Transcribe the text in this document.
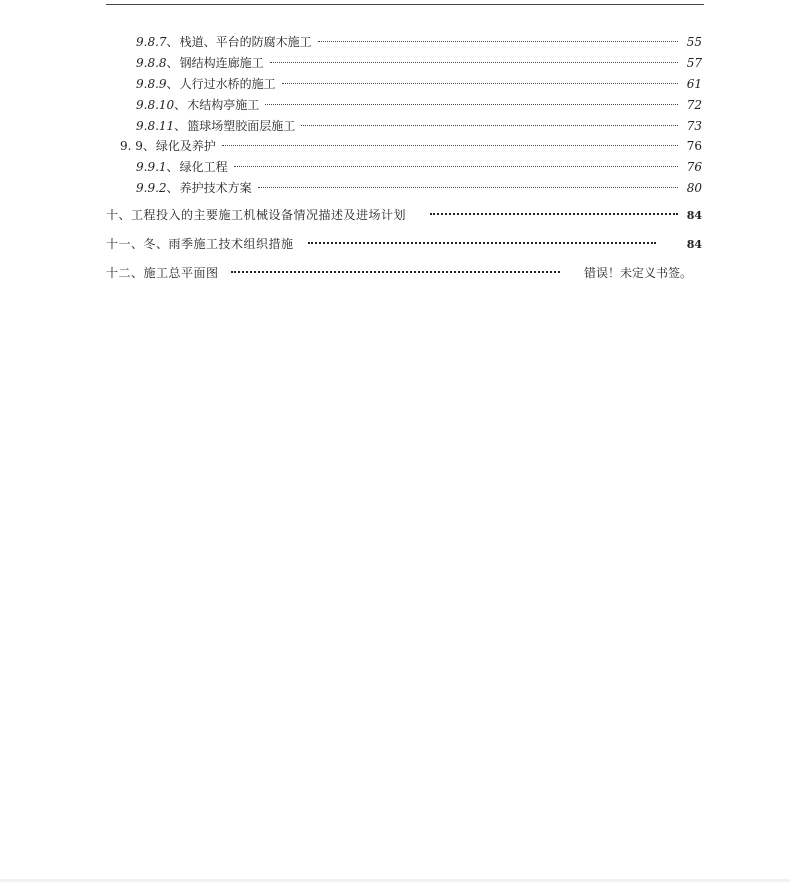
9.8.7 、 栈道、平台的防腐木施工	55
9.8.8 、 钢结构连廊施工	57
9.8.9 、 人行过水桥的施工	61
9.8.10 、 木结构亭施工	72
9.8.11 、 篮球场塑胶面层施工	73
9. 9 、 绿化及养护	76
9.9.1 、 绿化工程	76
9.9.2 、 养护技术方案	80
十、工程投入的主要施工机械设备情况描述及进场计划	84
十一、冬、雨季施工技术组织措施	84
十二、施工总平面图	错误！未定义书签。
